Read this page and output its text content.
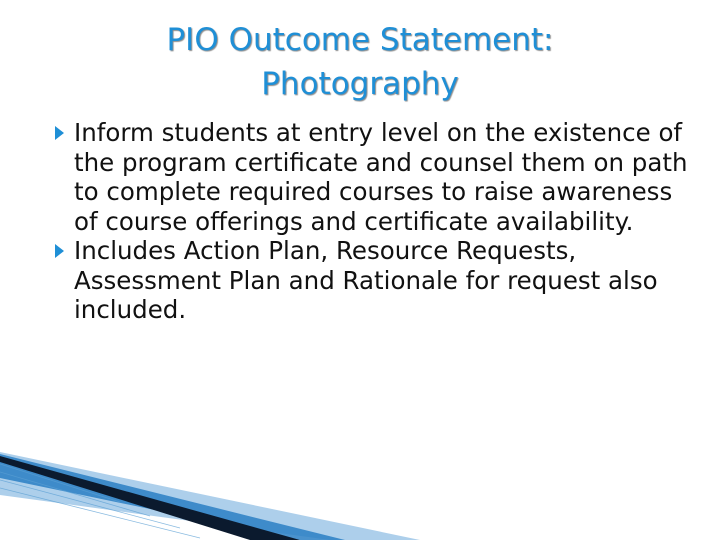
PIO Outcome Statement:
Photography
Inform students at entry level on the existence of the program certificate and counsel them on path to complete required courses to raise awareness of course offerings and certificate availability.
Includes Action Plan, Resource Requests, Assessment Plan and Rationale for request also included.
